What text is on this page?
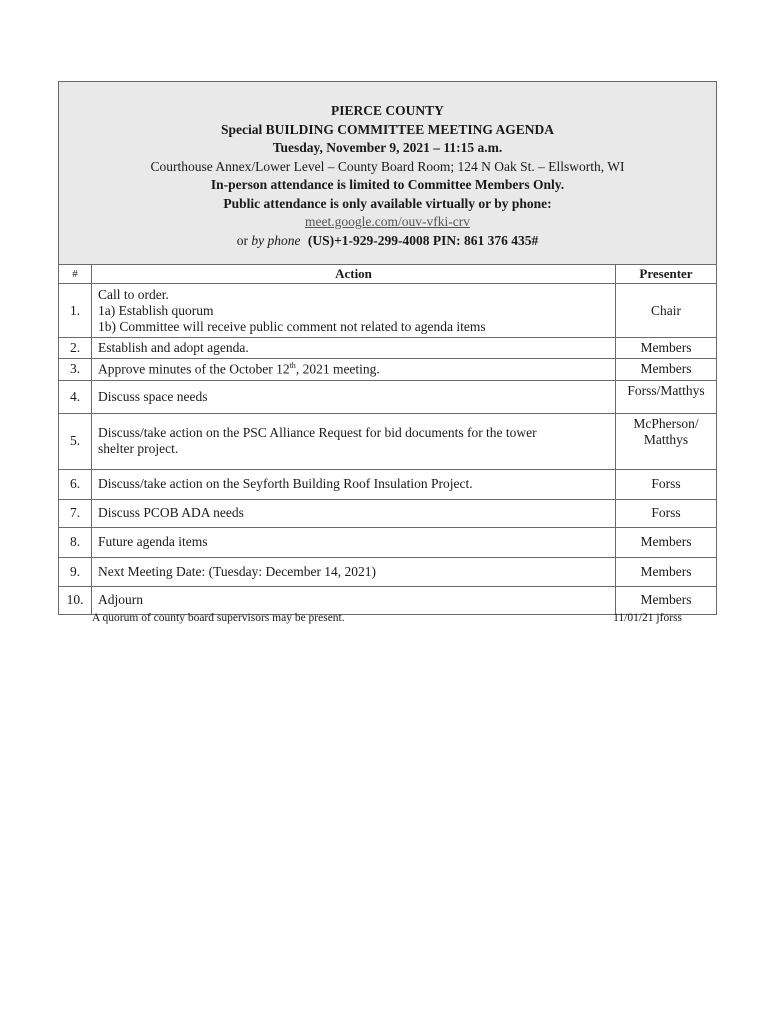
PIERCE COUNTY
Special BUILDING COMMITTEE MEETING AGENDA
Tuesday, November 9, 2021 – 11:15 a.m.
Courthouse Annex/Lower Level – County Board Room; 124 N Oak St. – Ellsworth, WI
In-person attendance is limited to Committee Members Only.
Public attendance is only available virtually or by phone:
meet.google.com/ouv-vfki-crv
or by phone (US)+1-929-299-4008 PIN: 861 376 435#
#	Action	Presenter
1.	Call to order.
1a) Establish quorum
1b) Committee will receive public comment not related to agenda items	Chair
2.	Establish and adopt agenda.	Members
3.	Approve minutes of the October 12th, 2021 meeting.	Members
4.	Discuss space needs	Forss/Matthys
5.	Discuss/take action on the PSC Alliance Request for bid documents for the tower
shelter project.	McPherson/
Matthys

6.	Discuss/take action on the Seyforth Building Roof Insulation Project.	Forss
7.	Discuss PCOB ADA needs	Forss
8.	Future agenda items	Members
9.	Next Meeting Date: (Tuesday: December 14, 2021)	Members
10.	Adjourn	Members
A quorum of county board supervisors may be present.	11/01/21 jforss
